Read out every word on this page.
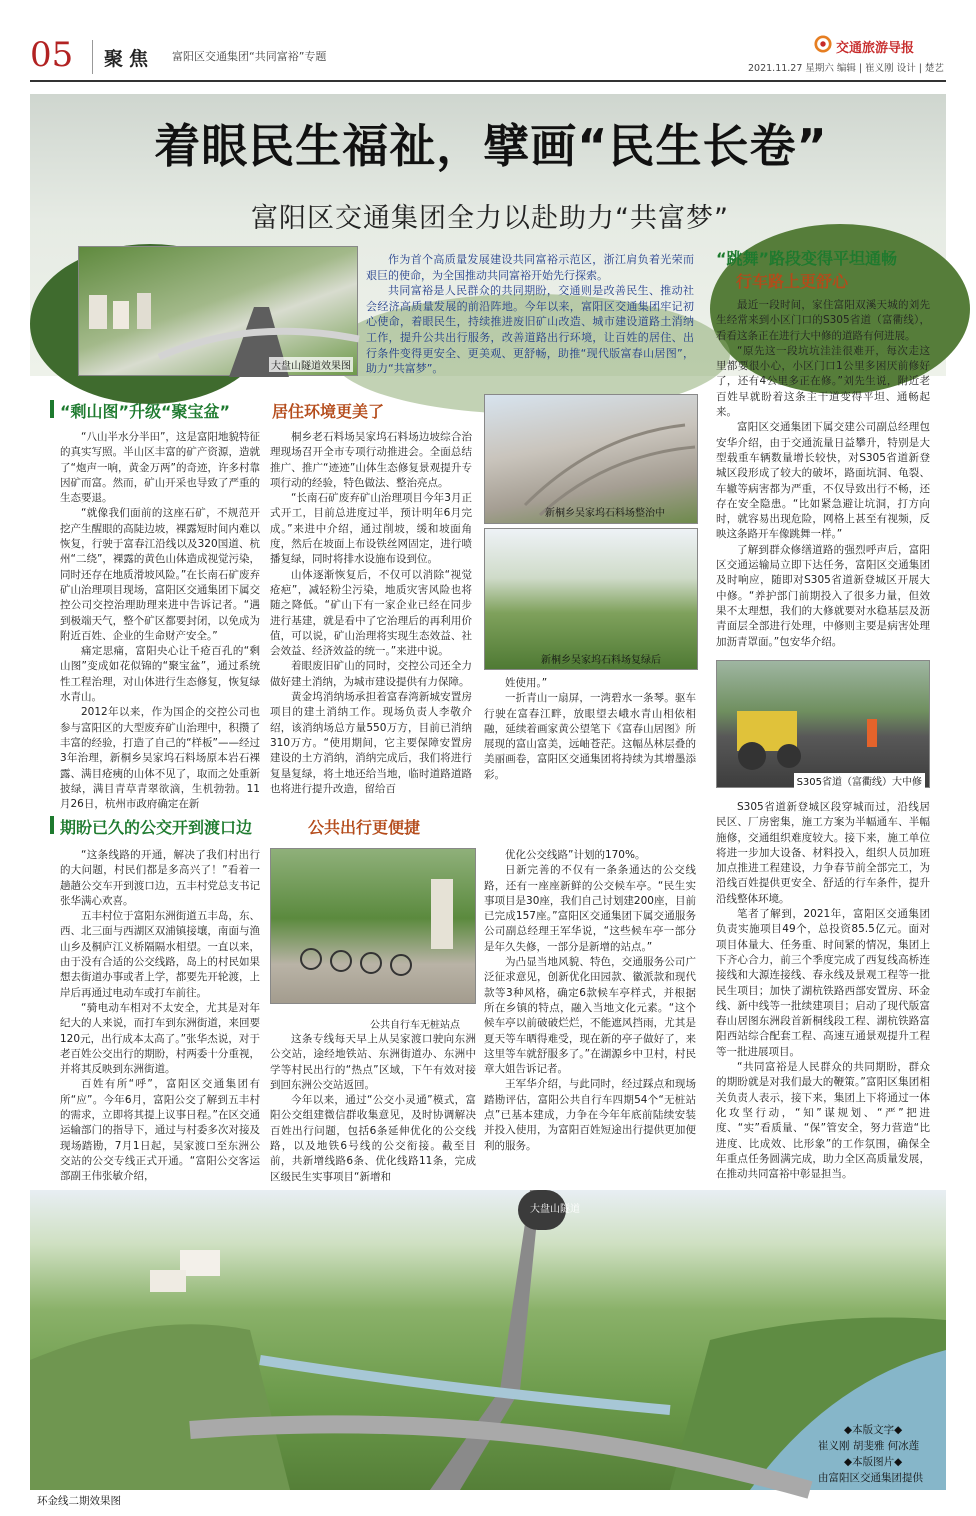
05 聚焦 富阳区交通集团“共同富裕”专题
交通旅游导报
2021.11.27 星期六 编辑 | 崔义刚 设计 | 楚艺
着眼民生福祉，擘画“民生长卷”
富阳区交通集团全力以赴助力“共富梦”
大盘山隧道效果图

作为首个高质量发展建设共同富裕示范区，浙江肩负着光荣而艰巨的使命，为全国推动共同富裕开始先行探索。

共同富裕是人民群众的共同期盼，交通则是改善民生、推动社会经济高质量发展的前沿阵地。今年以来，富阳区交通集团牢记初心使命，着眼民生，持续推进废旧矿山改造、城市建设道路土消纳工作，提升公共出行服务，改善道路出行环境，让百姓的居住、出行条件变得更安全、更美观、更舒畅，助推“现代版富春山居图”，助力“共富梦”。

“跳舞”路段变得平坦通畅
行车路上更舒心
“剩山图”升级“聚宝盆”	居住环境更美了

“八山半水分半田”，这是富阳地貌特征的真实写照。半山区丰富的矿产资源，造就了“炮声一响，黄金万两”的奇迹，许多村靠因矿而富。然而，矿山开采也导致了严重的生态要退。

“就像我们面前的这座石矿，不规范开挖产生醒眼的高陡边坡，裸露短时间内难以恢复，行驶于富春江沿线以及320国道、杭州“二绕”，裸露的黄色山体造成视觉污染，同时还存在地质滑坡风险。”在长南石矿废弃矿山治理项目现场，富阳区交通集团下属交控公司交控治理助理来进中告诉记者。“遇到极端天气，整个矿区都要封闭，以免成为附近百姓、企业的生命财产安全。”

痛定思痛，富阳央心让千疮百孔的“剩山图”变成如花似锦的“聚宝盆”，通过系统性工程治理，对山体进行生态修复，恢复绿水青山。

2012年以来，作为国企的交控公司也参与富阳区的大型废弃矿山治理中，积攒了丰富的经验，打造了自己的“样板”——经过3年治理，新桐乡吴家坞石料场原本岩石裸露、满目疮痍的山体不见了，取而之处重新披绿，满目青草青翠欲滴，生机勃勃。11月26日，杭州市政府确定在新

桐乡老石料场吴家坞石料场边坡综合治理现场召开全市专项行动推进会。全面总结推广、推广“迹迹”山体生态修复景观提升专项行动的经验，特色做法、整治亮点。

“长南石矿废弃矿山治理项目今年3月正式开工，目前总进度过半，预计明年6月完成。”来进中介绍，通过削坡，缓和坡面角度，然后在坡面上布设铁丝网固定，进行喷播复绿，同时将排水设施布设到位。

山体逐渐恢复后，不仅可以消除“视觉疮疤”，减轻粉尘污染，地质灾害风险也将随之降低。“矿山下有一家企业已经在同步进行基建，就是看中了它治理后的再利用价值，可以说，矿山治理将实现生态效益、社会效益、经济效益的统一。”来进中说。

着眼废旧矿山的同时，交控公司还全力做好建土消纳，为城市建设提供有力保障。

黄金坞消纳场承担着富春湾新城安置房项目的建土消纳工作。现场负责人李敬介绍，该消纳场总方量550万方，目前已消纳310万方。“使用期间，它主要保障安置房建设的土方消纳，消纳完成后，我们将进行复垦复绿，将土地还给当地，临时道路道路也将进行提升改造，留给百

新桐乡吴家坞石料场整治中
新桐乡吴家坞石料场复绿后

姓使用。”

一折青山一扇屏，一湾碧水一条琴。驱车行驶在富春江畔，放眼望去峨水青山相依相融，延续着画家黄公望笔下《富春山居图》所展现的富山富美，远岫苍茫。这幅丛林层叠的美丽画卷，富阳区交通集团将持续为其增墨添彩。

最近一段时间，家住富阳双溪天城的刘先生经常来到小区门口的S305省道（富衢线），看看这条正在进行大中修的道路有何进展。

“原先这一段坑坑洼洼很难开，每次走这里都要很小心，小区门口1公里多困厌前修好了，还有4公里多正在修。”刘先生说，附近老百姓早就盼着这条主干道变得平坦、通畅起来。

富阳区交通集团下属交建公司副总经理包安华介绍，由于交通流量日益攀升，特别是大型载重车辆数量增长较快，对S305省道新登城区段形成了较大的破坏，路面坑洞、龟裂、车辙等病害都为严重，不仅导致出行不畅，还存在安全隐患。“比如紧急避让坑洞，打方向时，就容易出现危险，网格上甚至有视频，反映这条路开车像跳舞一样。”

了解到群众修缮道路的强烈呼声后，富阳区交通运输局立即下达任务，富阳区交通集团及时响应，随即对S305省道新登城区开展大中修。“养护部门前期投入了很多力量，但效果不太理想，我们的大修就要对水稳基层及沥青面层全部进行处理，中修则主要是病害处理加沥青罩面。”包安华介绍。

S305省道（富衢线）大中修

S305省道新登城区段穿城而过，沿线居民区、厂房密集，施工方案为半幅通车、半幅施修，交通组织难度较大。接下来，施工单位将进一步加大设备、材料投入，组织人员加班加点推进工程建设，力争春节前全部完工，为沿线百姓提供更安全、舒适的行车条件，提升沿线整体环境。

笔者了解到，2021年，富阳区交通集团负责实施项目49个，总投资85.5亿元。面对项目体量大、任务重、时间紧的情况，集团上下齐心合力，前三个季度完成了西复线高桥连接线和大源连接线、春永线及景观工程等一批民生项目；加快了湖杭铁路西部安置房、环金线、新中线等一批续建项目；启动了现代版富春山居图东洲段首新桐线段工程、湖杭铁路富阳西站综合配套工程、高速互通景观提升工程等一批进展项目。

“共同富裕是人民群众的共同期盼，群众的期盼就是对我们最大的鞭策。”富阳区集团相关负责人表示，接下来，集团上下将通过一体化攻坚行动，“知”谋规划、“严”把进度、“实”看质量、“保”管安全，努力营造“比进度、比成效、比形象”的工作氛围，确保全年重点任务圆满完成，助力全区高质量发展，在推动共同富裕中彰显担当。

期盼已久的公交开到渡口边	公共出行更便捷

“这条线路的开通，解决了我们村出行的大问题，村民们都是多高兴了！”看着一趟趟公交车开到渡口边，五丰村党总支书记张华满心欢喜。

五丰村位于富阳东洲街道五丰岛，东、西、北三面与西湖区双浦镇接壤，南面与渔山乡及桐庐江义桥隔隔水相望。一直以来，由于没有合适的公交线路，岛上的村民如果想去街道办事或者上学，都要先开轮渡，上岸后再通过电动车或打车前往。

“骑电动车相对不太安全，尤其是对年纪大的人来说，而打车到东洲街道，来回要120元，出行成本太高了。”张华杰说，对于老百姓公交出行的期盼，村两委十分重视，并将其反映到东洲街道。

百姓有所“呼”，富阳区交通集团有所“应”。今年6月，富阳公交了解到五丰村的需求，立即将其提上议事日程。”在区交通运输部门的指导下，通过与村委多次对接及现场踏勘，7月1日起，吴家渡口至东洲公交站的公交专线正式开通。“富阳公交客运部副王伟张敏介绍，

公共自行车无桩站点

这条专线每天早上从吴家渡口驶向东洲公交站，途经地铁站、东洲街道办、东洲中学等村民出行的“热点”区域，下午有效对接到回东洲公交站返回。

今年以来，通过“公交小灵通”模式，富阳公交组建微信群收集意见，及时协调解决百姓出行问题，包括6条延伸优化的公交线路，以及地铁6号线的公交衔接。截至目前，共新增线路6条、优化线路11条，完成区级民生实事项目“新增和

优化公交线路”计划的170%。

日新完善的不仅有一条条通达的公交线路，还有一座座新鲜的公交候车亭。“民生实事项目是30座，我们自己讨划建200座，目前已完成157座。”富阳区交通集团下属交通服务公司副总经理王军华说，“这些候车亭一部分是年久失修，一部分是新增的站点。”

为凸显当地风貌、特色，交通服务公司广泛征求意见，创新优化田园款、徽派款和现代款等3种风格，确定6款候车亭样式，并根据所在乡镇的特点，融入当地文化元素。“这个候车亭以前破破烂烂，不能遮风挡雨，尤其是夏天等车晒得难受，现在新的亭子做好了，来这里等车就舒服多了。”在湖源乡中卫村，村民章大姐告诉记者。

王军华介绍，与此同时，经过踩点和现场踏勘评估，富阳公共自行车四期54个“无桩站点”已基本建成，力争在今年年底前陆续安装并投入使用，为富阳百姓短途出行提供更加便利的服务。

大盘山隧道
环金线二期效果图
◆本版文字◆
崔义刚 胡斐雅 何冰莲
◆本版图片◆
由富阳区交通集团提供
